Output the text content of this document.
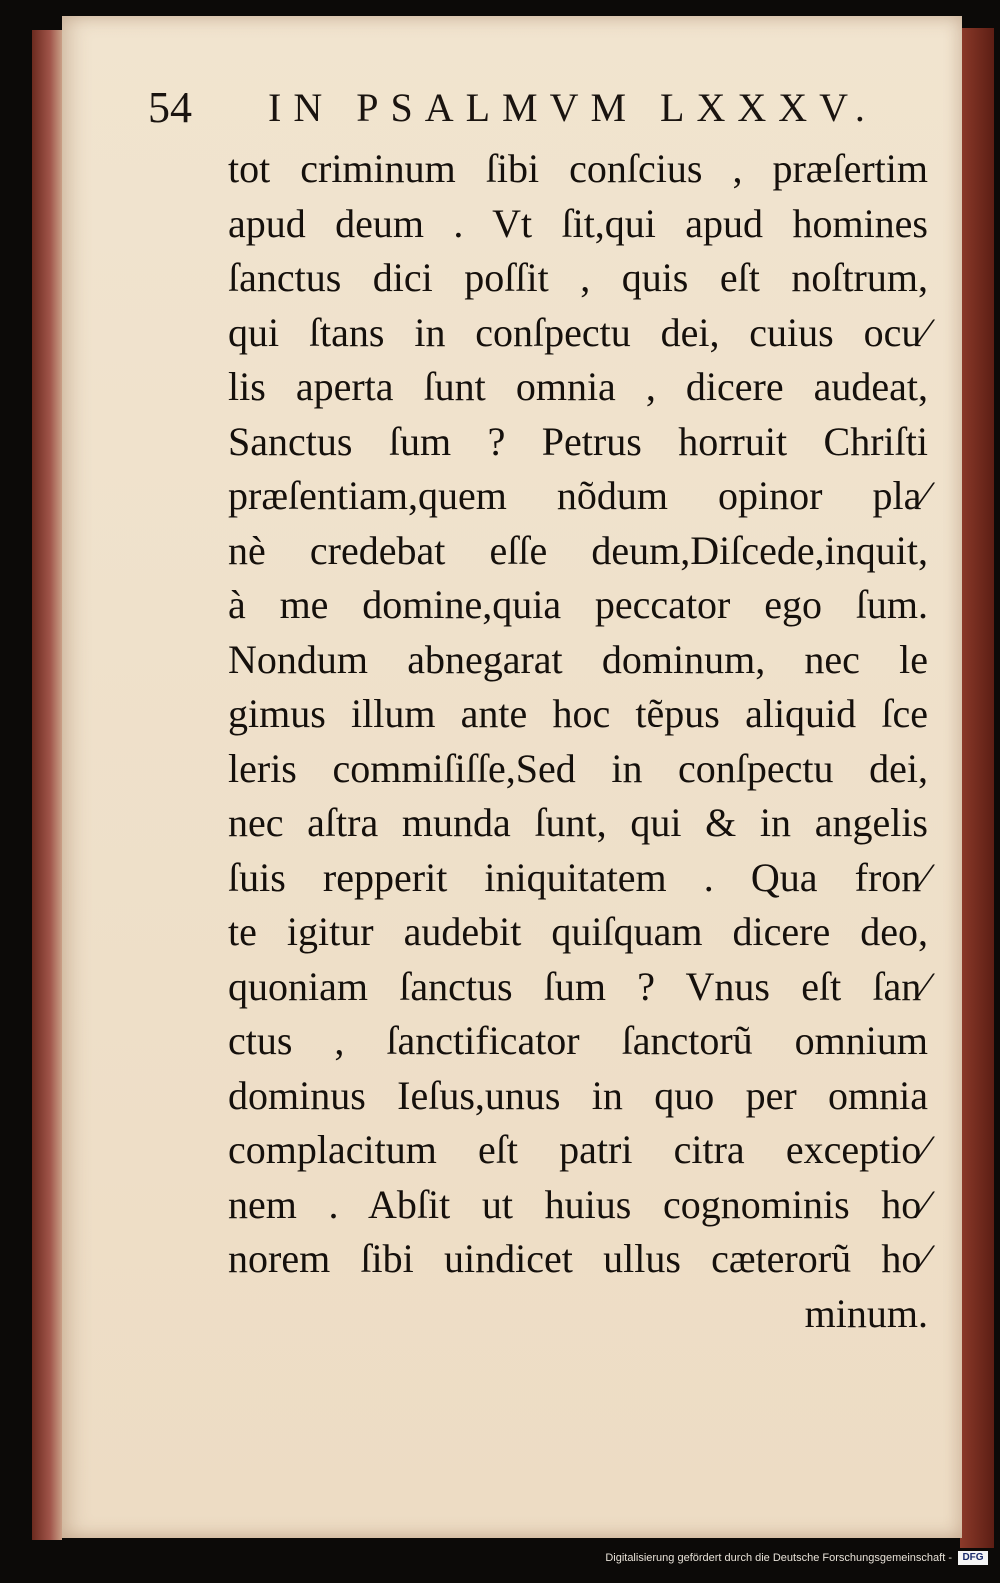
54 IN PSALMVM LXXXV.
tot criminum ſibi conſcius , præſertim
apud deum . Vt ſit,qui apud homines
ſanctus dici poſſit , quis eſt noſtrum,
qui ſtans in conſpectu dei, cuius ocu⁄
lis aperta ſunt omnia , dicere audeat,
Sanctus ſum ? Petrus horruit Chriſti
præſentiam,quem nõdum opinor pla⁄
nè credebat eſſe deum,Diſcede,inquit,
à me domine,quia peccator ego ſum.
Nondum abnegarat dominum, nec le
gimus illum ante hoc tẽpus aliquid ſce
leris commiſiſſe,Sed in conſpectu dei,
nec aſtra munda ſunt, qui & in angelis
ſuis repperit iniquitatem . Qua fron⁄
te igitur audebit quiſquam dicere deo,
quoniam ſanctus ſum ? Vnus eſt ſan⁄
ctus , ſanctificator ſanctorũ omnium
dominus Ieſus,unus in quo per omnia
complacitum eſt patri citra exceptio⁄
nem . Abſit ut huius cognominis ho⁄
norem ſibi uindicet ullus cæterorũ ho⁄
minum.
Digitalisierung gefördert durch die Deutsche Forschungsgemeinschaft -	DFG
